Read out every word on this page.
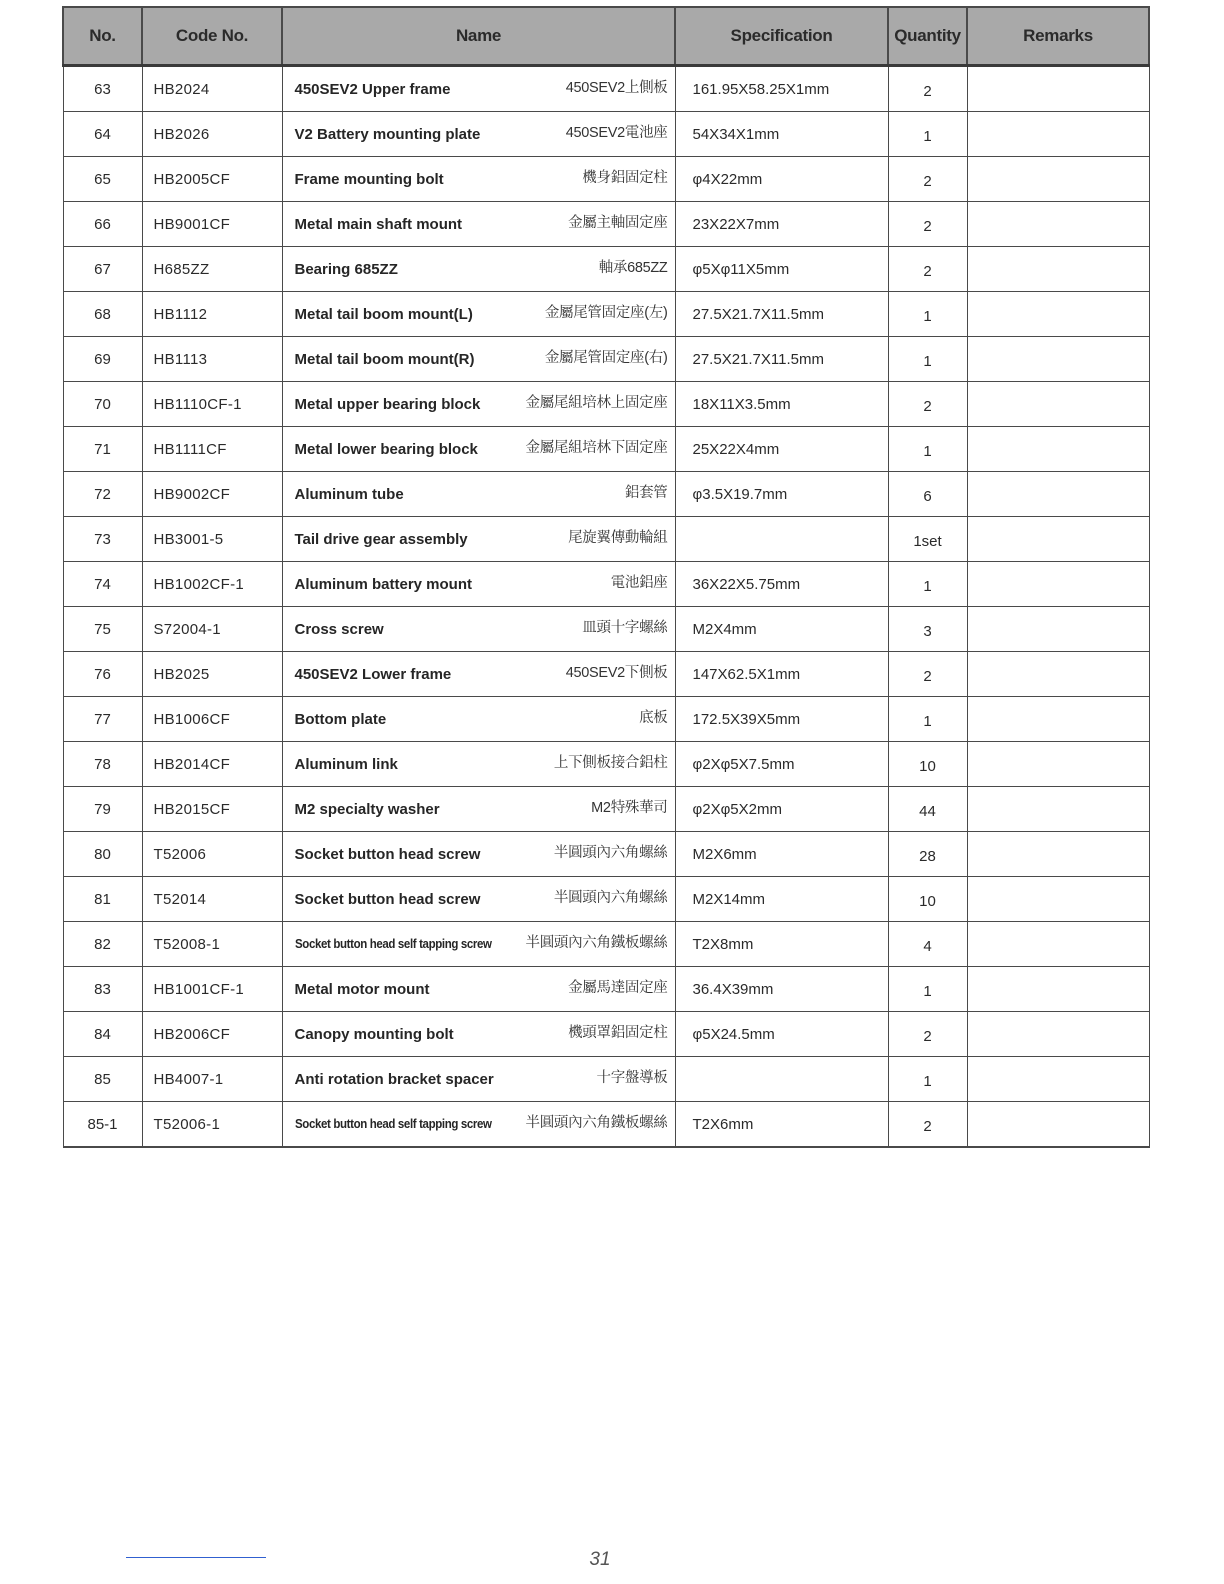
No.	Code No.	Name	Specification	Quantity	Remarks
63	HB2024	450SEV2 Upper frame 450SEV2上側板	161.95X58.25X1mm	2	
64	HB2026	V2 Battery mounting plate 450SEV2電池座	54X34X1mm	1	
65	HB2005CF	Frame mounting bolt 機身鋁固定柱	φ4X22mm	2	
66	HB9001CF	Metal main shaft mount 金屬主軸固定座	23X22X7mm	2	
67	H685ZZ	Bearing 685ZZ 軸承685ZZ	φ5Xφ11X5mm	2	
68	HB1112	Metal tail boom mount(L) 金屬尾管固定座(左)	27.5X21.7X11.5mm	1	
69	HB1113	Metal tail boom mount(R) 金屬尾管固定座(右)	27.5X21.7X11.5mm	1	
70	HB1110CF-1	Metal upper bearing block 金屬尾組培林上固定座	18X11X3.5mm	2	
71	HB1111CF	Metal lower bearing block 金屬尾組培林下固定座	25X22X4mm	1	
72	HB9002CF	Aluminum tube 鋁套管	φ3.5X19.7mm	6	
73	HB3001-5	Tail drive gear assembly 尾旋翼傳動輪組		1set	
74	HB1002CF-1	Aluminum battery mount 電池鋁座	36X22X5.75mm	1	
75	S72004-1	Cross screw 皿頭十字螺絲	M2X4mm	3	
76	HB2025	450SEV2 Lower frame 450SEV2下側板	147X62.5X1mm	2	
77	HB1006CF	Bottom plate 底板	172.5X39X5mm	1	
78	HB2014CF	Aluminum link 上下側板接合鋁柱	φ2Xφ5X7.5mm	10	
79	HB2015CF	M2 specialty washer M2特殊華司	φ2Xφ5X2mm	44	
80	T52006	Socket button head screw 半圓頭內六角螺絲	M2X6mm	28	
81	T52014	Socket button head screw 半圓頭內六角螺絲	M2X14mm	10	
82	T52008-1	Socket button head self tapping screw 半圓頭內六角鐵板螺絲	T2X8mm	4	
83	HB1001CF-1	Metal motor mount 金屬馬達固定座	36.4X39mm	1	
84	HB2006CF	Canopy mounting bolt 機頭罩鋁固定柱	φ5X24.5mm	2	
85	HB4007-1	Anti rotation bracket spacer 十字盤導板		1	
85-1	T52006-1	Socket button head self tapping screw 半圓頭內六角鐵板螺絲	T2X6mm	2	
31
